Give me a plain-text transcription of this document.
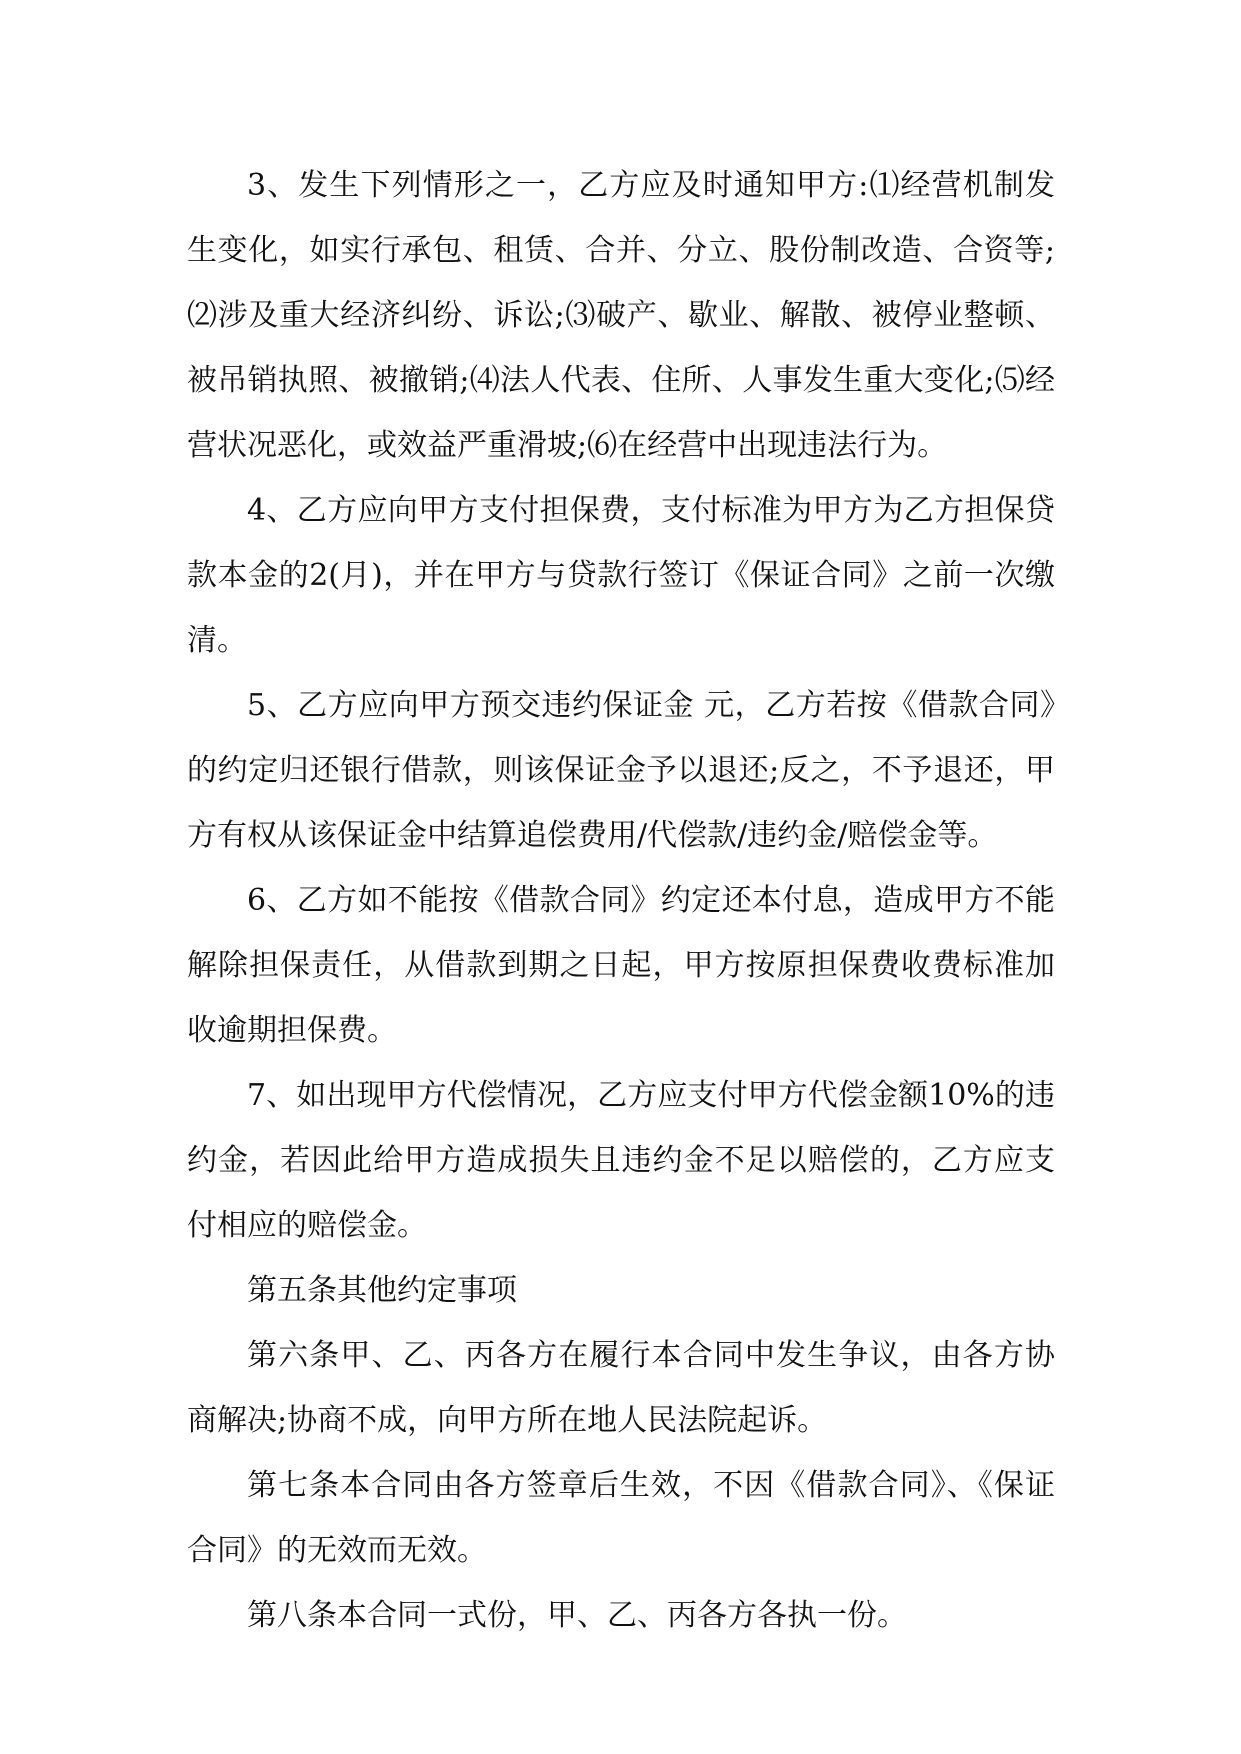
3、发生下列情形之一，乙方应及时通知甲方:⑴经营机制发生变化，如实行承包、租赁、合并、分立、股份制改造、合资等;⑵涉及重大经济纠纷、诉讼;⑶破产、歇业、解散、被停业整顿、被吊销执照、被撤销;⑷法人代表、住所、人事发生重大变化;⑸经营状况恶化，或效益严重滑坡;⑹在经营中出现违法行为。

4、乙方应向甲方支付担保费，支付标准为甲方为乙方担保贷款本金的2(月)，并在甲方与贷款行签订《保证合同》之前一次缴清。

5、乙方应向甲方预交违约保证金 元，乙方若按《借款合同》的约定归还银行借款，则该保证金予以退还;反之，不予退还，甲方有权从该保证金中结算追偿费用/代偿款/违约金/赔偿金等。

6、乙方如不能按《借款合同》约定还本付息，造成甲方不能解除担保责任，从借款到期之日起，甲方按原担保费收费标准加收逾期担保费。

7、如出现甲方代偿情况，乙方应支付甲方代偿金额10%的违约金，若因此给甲方造成损失且违约金不足以赔偿的，乙方应支付相应的赔偿金。

第五条其他约定事项

第六条甲、乙、丙各方在履行本合同中发生争议，由各方协商解决;协商不成，向甲方所在地人民法院起诉。

第七条本合同由各方签章后生效，不因《借款合同》、《保证合同》的无效而无效。

第八条本合同一式份，甲、乙、丙各方各执一份。
